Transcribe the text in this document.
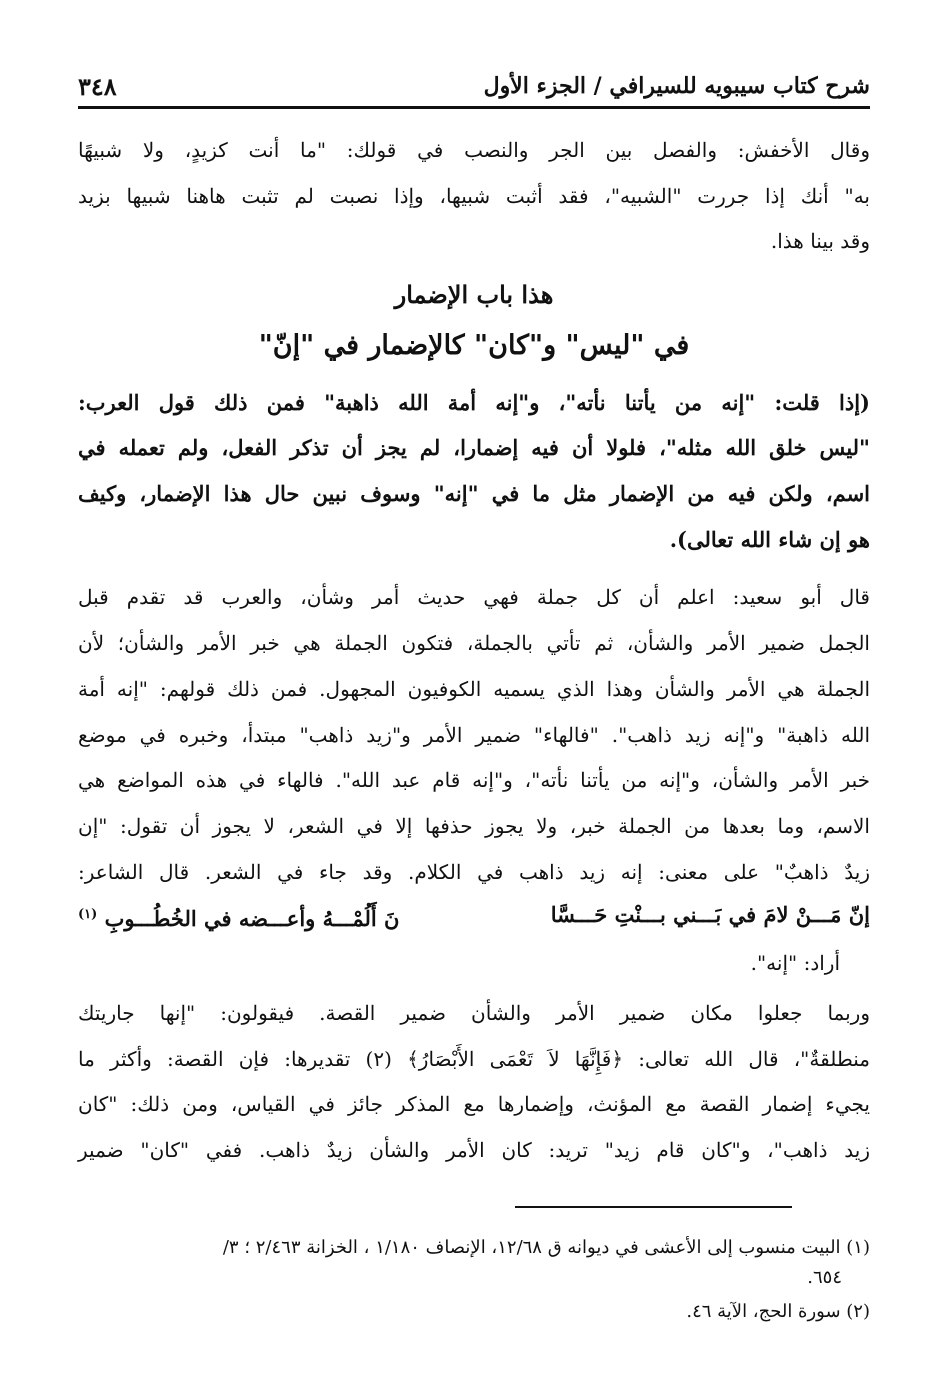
شرح كتاب سيبويه للسيرافي / الجزء الأول
٣٤٨
وقال الأخفش: والفصل بين الجر والنصب في قولك: "ما أنت كزيدٍ، ولا شبيهًا
به" أنك إذا جررت "الشبيه"، فقد أثبت شبيها، وإذا نصبت لم تثبت هاهنا شبيها بزيد
وقد بينا هذا.
هذا باب الإضمار
في "ليس" و"كان" كالإضمار في "إنّ"
(إذا قلت: "إنه من يأتنا نأته"، و"إنه أمة الله ذاهبة" فمن ذلك قول العرب:
"ليس خلق الله مثله"، فلولا أن فيه إضمارا، لم يجز أن تذكر الفعل، ولم تعمله في
اسم، ولكن فيه من الإضمار مثل ما في "إنه" وسوف نبين حال هذا الإضمار، وكيف
هو إن شاء الله تعالى).
قال أبو سعيد: اعلم أن كل جملة فهي حديث أمر وشأن، والعرب قد تقدم قبل
الجمل ضمير الأمر والشأن، ثم تأتي بالجملة، فتكون الجملة هي خبر الأمر والشأن؛ لأن
الجملة هي الأمر والشأن وهذا الذي يسميه الكوفيون المجهول. فمن ذلك قولهم: "إنه أمة
الله ذاهبة" و"إنه زيد ذاهب". "فالهاء" ضمير الأمر و"زيد ذاهب" مبتدأ، وخبره في موضع
خبر الأمر والشأن، و"إنه من يأتنا نأته"، و"إنه قام عبد الله". فالهاء في هذه المواضع هي
الاسم، وما بعدها من الجملة خبر، ولا يجوز حذفها إلا في الشعر، لا يجوز أن تقول: "إن
زيدٌ ذاهبٌ" على معنى: إنه زيد ذاهب في الكلام. وقد جاء في الشعر. قال الشاعر:
إنّ مَـــنْ لامَ في بَـــني بـــنْتِ حَـــسَّا
نَ أَلُمْـــهُ وأعـــضه في الخُطُـــوبِ $^{(١)}$
أراد: "إنه".
وربما جعلوا مكان ضمير الأمر والشأن ضمير القصة. فيقولون: "إنها جاريتك
منطلقةٌ"، قال الله تعالى: ﴿فَإِنَّهَا لاَ تَعْمَى الأَبْصَارُ﴾ (٢) تقديرها: فإن القصة: وأكثر ما
يجيء إضمار القصة مع المؤنث، وإضمارها مع المذكر جائز في القياس، ومن ذلك: "كان
زيد ذاهب"، و"كان قام زيد" تريد: كان الأمر والشأن زيدٌ ذاهب. ففي "كان" ضمير
(١) البيت منسوب إلى الأعشى في ديوانه ق ١٢/٦٨، الإنصاف ١/١٨٠ ، الخزانة ٢/٤٦٣ ؛ ٣/
٦٥٤.
(٢) سورة الحج، الآية ٤٦.
